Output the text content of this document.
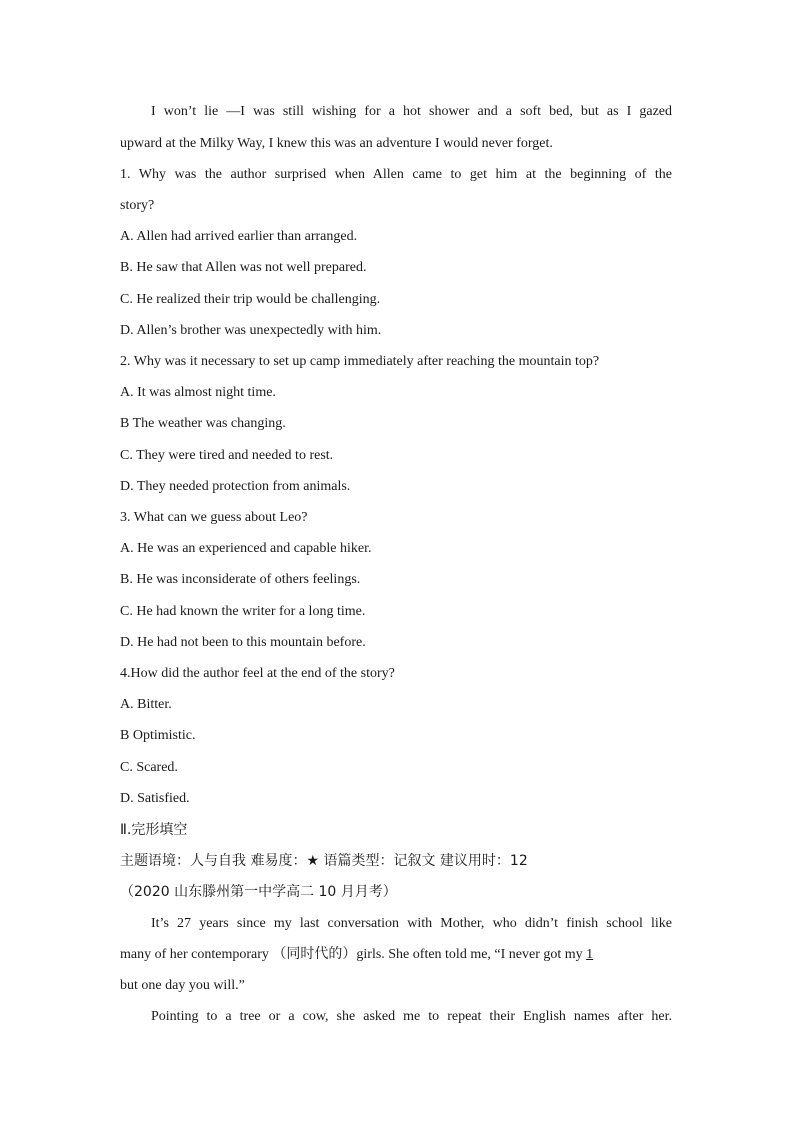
I won’t lie —I was still wishing for a hot shower and a soft bed, but as I gazed
upward at the Milky Way, I knew this was an adventure I would never forget.
1. Why was the author surprised when Allen came to get him at the beginning of the
story?
A. Allen had arrived earlier than arranged.
B. He saw that Allen was not well prepared.
C. He realized their trip would be challenging.
D. Allen’s brother was unexpectedly with him.
2. Why was it necessary to set up camp immediately after reaching the mountain top?
A. It was almost night time.
B The weather was changing.
C. They were tired and needed to rest.
D. They needed protection from animals.
3. What can we guess about Leo?
A. He was an experienced and capable hiker.
B. He was inconsiderate of others feelings.
C. He had known the writer for a long time.
D. He had not been to this mountain before.
4.How did the author feel at the end of the story?
A. Bitter.
B Optimistic.
C. Scared.
D. Satisfied.
Ⅱ.完形填空
主题语境：人与自我 难易度：★ 语篇类型：记叙文 建议用时：12
（2020 山东滕州第一中学高二 10 月月考）
It’s 27 years since my last conversation with Mother, who didn’t finish school like
many of her contemporary （同时代的）girls. She often told me, “I never got my 1
but one day you will.”
Pointing to a tree or a cow, she asked me to repeat their English names after her.
